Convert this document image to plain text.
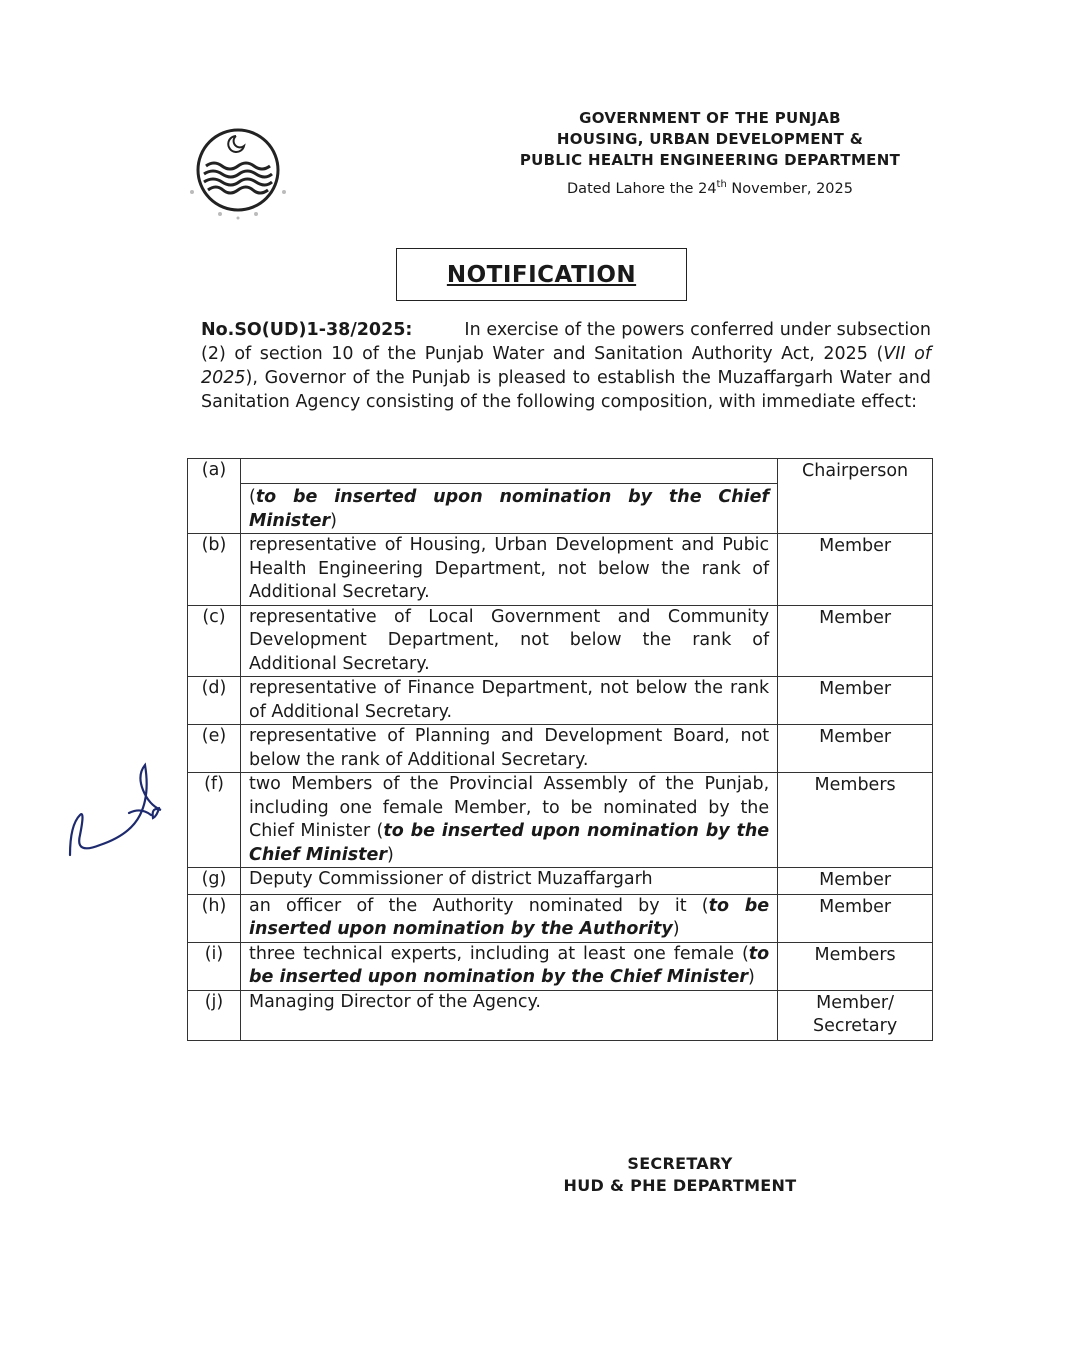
GOVERNMENT OF THE PUNJAB
HOUSING, URBAN DEVELOPMENT &
PUBLIC HEALTH ENGINEERING DEPARTMENT
Dated Lahore the 24th November, 2025
NOTIFICATION
No.SO(UD)1-38/2025:	In exercise of the powers conferred under subsection (2) of section 10 of the Punjab Water and Sanitation Authority Act, 2025 (VII of 2025), Governor of the Punjab is pleased to establish the Muzaffargarh Water and Sanitation Agency consisting of the following composition, with immediate effect:
(a)	(to be inserted upon nomination by the Chief Minister)	Chairperson
(b)	representative of Housing, Urban Development and Pubic Health Engineering Department, not below the rank of Additional Secretary.	Member
(c)	representative of Local Government and Community Development Department, not below the rank of Additional Secretary.	Member
(d)	representative of Finance Department, not below the rank of Additional Secretary.	Member
(e)	representative of Planning and Development Board, not below the rank of Additional Secretary.	Member
(f)	two Members of the Provincial Assembly of the Punjab, including one female Member, to be nominated by the Chief Minister (to be inserted upon nomination by the Chief Minister)	Members
(g)	Deputy Commissioner of district Muzaffargarh	Member
(h)	an officer of the Authority nominated by it (to be inserted upon nomination by the Authority)	Member
(i)	three technical experts, including at least one female (to be inserted upon nomination by the Chief Minister)	Members
(j)	Managing Director of the Agency.	Member/ Secretary
SECRETARY
HUD & PHE DEPARTMENT
